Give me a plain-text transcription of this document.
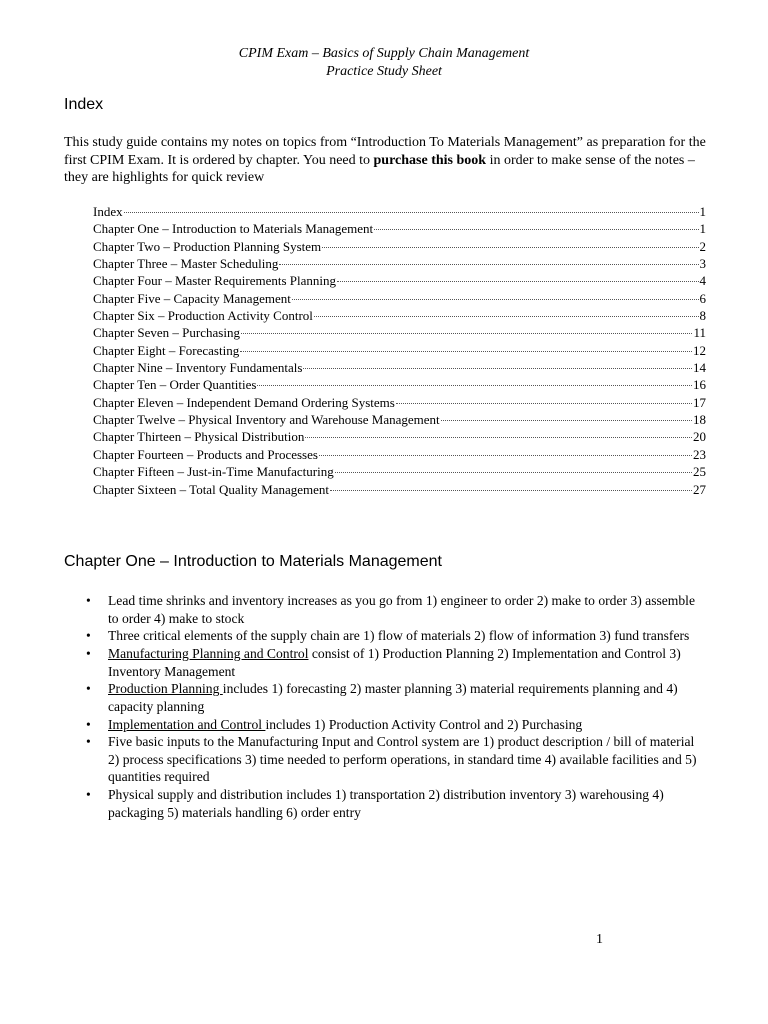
CPIM Exam – Basics of Supply Chain Management
Practice Study Sheet
Index
This study guide contains my notes on topics from “Introduction To Materials Management” as preparation for the first CPIM Exam. It is ordered by chapter. You need to purchase this book in order to make sense of the notes – they are highlights for quick review
Index	1
Chapter One – Introduction to Materials Management	1
Chapter Two – Production Planning System	2
Chapter Three – Master Scheduling	3
Chapter Four – Master Requirements Planning	4
Chapter Five – Capacity Management	6
Chapter Six – Production Activity Control	8
Chapter Seven – Purchasing	11
Chapter Eight – Forecasting	12
Chapter Nine – Inventory Fundamentals	14
Chapter Ten – Order Quantities	16
Chapter Eleven – Independent Demand Ordering Systems	17
Chapter Twelve – Physical Inventory and Warehouse Management	18
Chapter Thirteen – Physical Distribution	20
Chapter Fourteen – Products and Processes	23
Chapter Fifteen – Just-in-Time Manufacturing	25
Chapter Sixteen – Total Quality Management	27
Chapter One – Introduction to Materials Management
• Lead time shrinks and inventory increases as you go from 1) engineer to order 2) make to order 3) assemble to order 4) make to stock
• Three critical elements of the supply chain are 1) flow of materials 2) flow of information 3) fund transfers
• Manufacturing Planning and Control consist of 1) Production Planning 2) Implementation and Control 3) Inventory Management
• Production Planning includes 1) forecasting 2) master planning 3) material requirements planning and 4) capacity planning
• Implementation and Control includes 1) Production Activity Control and 2) Purchasing
• Five basic inputs to the Manufacturing Input and Control system are 1) product description / bill of material 2) process specifications 3) time needed to perform operations, in standard time 4) available facilities and 5) quantities required
• Physical supply and distribution includes 1) transportation 2) distribution inventory 3) warehousing 4) packaging 5) materials handling 6) order entry
1
